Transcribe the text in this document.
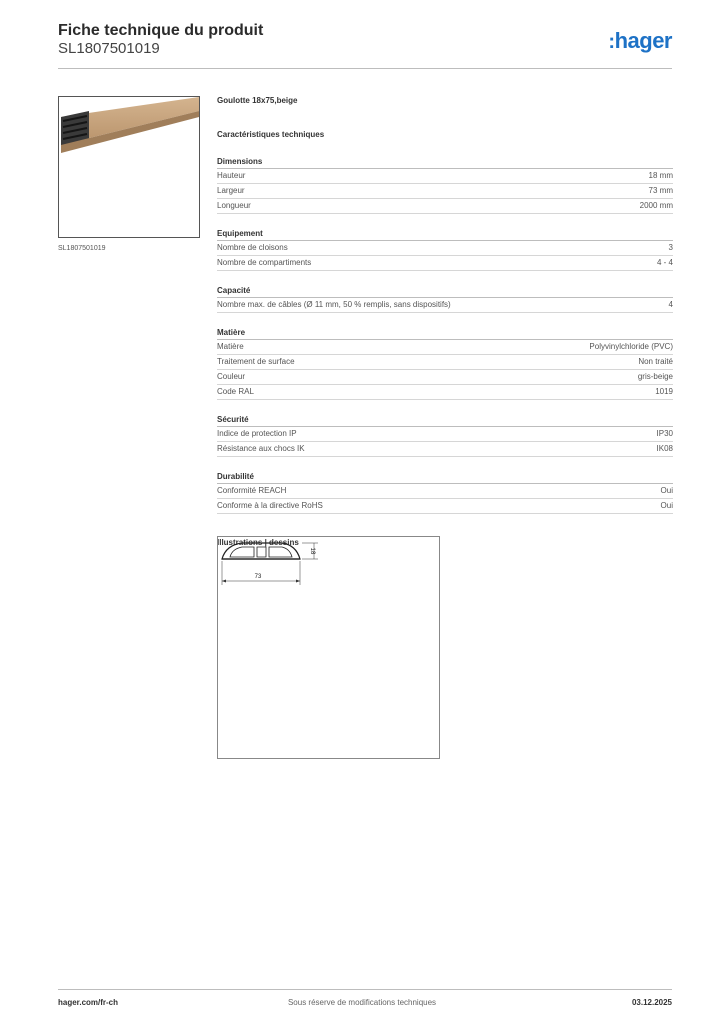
Fiche technique du produit
SL1807501019	:hager
SL1807501019
Goulotte 18x75,beige
Caractéristiques techniques
Dimensions
Hauteur	18 mm
Largeur	73 mm
Longueur	2000 mm
Equipement
Nombre de cloisons	3
Nombre de compartiments	4 - 4
Capacité
Nombre max. de câbles (Ø 11 mm, 50 % remplis, sans dispositifs)	4
Matière
Matière	Polyvinylchloride (PVC)
Traitement de surface	Non traité
Couleur	gris-beige
Code RAL	1019
Sécurité
Indice de protection IP	IP30
Résistance aux chocs IK	IK08
Durabilité
Conformité REACH	Oui
Conforme à la directive RoHS	Oui
Illustrations | dessins
73
18
hager.com/fr-ch	Sous réserve de modifications techniques	03.12.2025
